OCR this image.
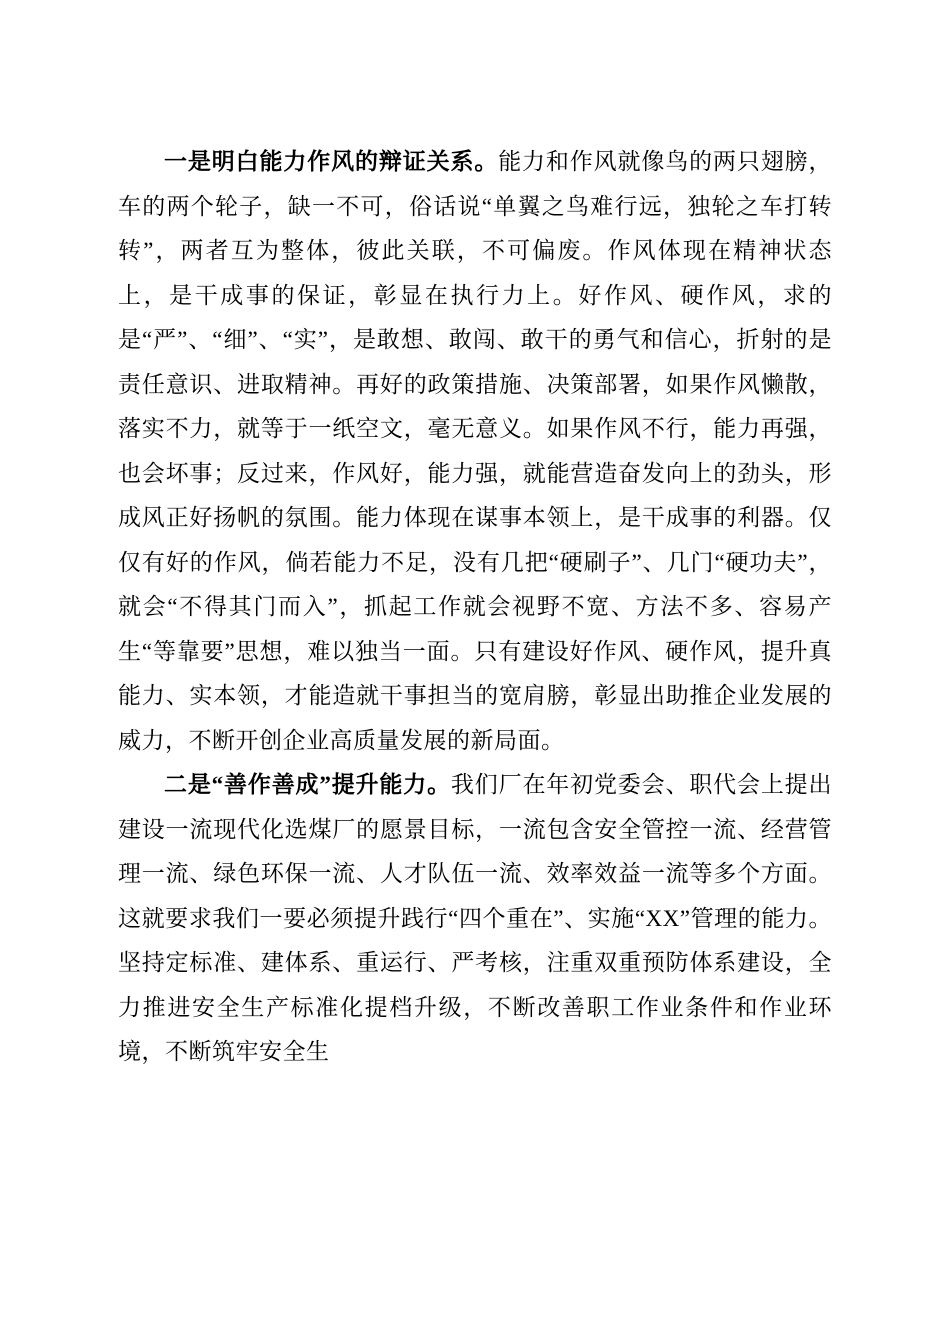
一是明白能力作风的辩证关系。能力和作风就像鸟的两只翅膀，车的两个轮子，缺一不可，俗话说“单翼之鸟难行远，独轮之车打转转”，两者互为整体，彼此关联，不可偏废。作风体现在精神状态上，是干成事的保证，彰显在执行力上。好作风、硬作风，求的是“严”、“细”、“实”，是敢想、敢闯、敢干的勇气和信心，折射的是责任意识、进取精神。再好的政策措施、决策部署，如果作风懒散，落实不力，就等于一纸空文，毫无意义。如果作风不行，能力再强，也会坏事；反过来，作风好，能力强，就能营造奋发向上的劲头，形成风正好扬帆的氛围。能力体现在谋事本领上，是干成事的利器。仅仅有好的作风，倘若能力不足，没有几把“硬刷子”、几门“硬功夫”，就会“不得其门而入”，抓起工作就会视野不宽、方法不多、容易产生“等靠要”思想，难以独当一面。只有建设好作风、硬作风，提升真能力、实本领，才能造就干事担当的宽肩膀，彰显出助推企业发展的威力，不断开创企业高质量发展的新局面。

二是“善作善成”提升能力。我们厂在年初党委会、职代会上提出建设一流现代化选煤厂的愿景目标，一流包含安全管控一流、经营管理一流、绿色环保一流、人才队伍一流、效率效益一流等多个方面。这就要求我们一要必须提升践行“四个重在”、实施“XX”管理的能力。坚持定标准、建体系、重运行、严考核，注重双重预防体系建设，全力推进安全生产标准化提档升级，不断改善职工作业条件和作业环境，不断筑牢安全生
